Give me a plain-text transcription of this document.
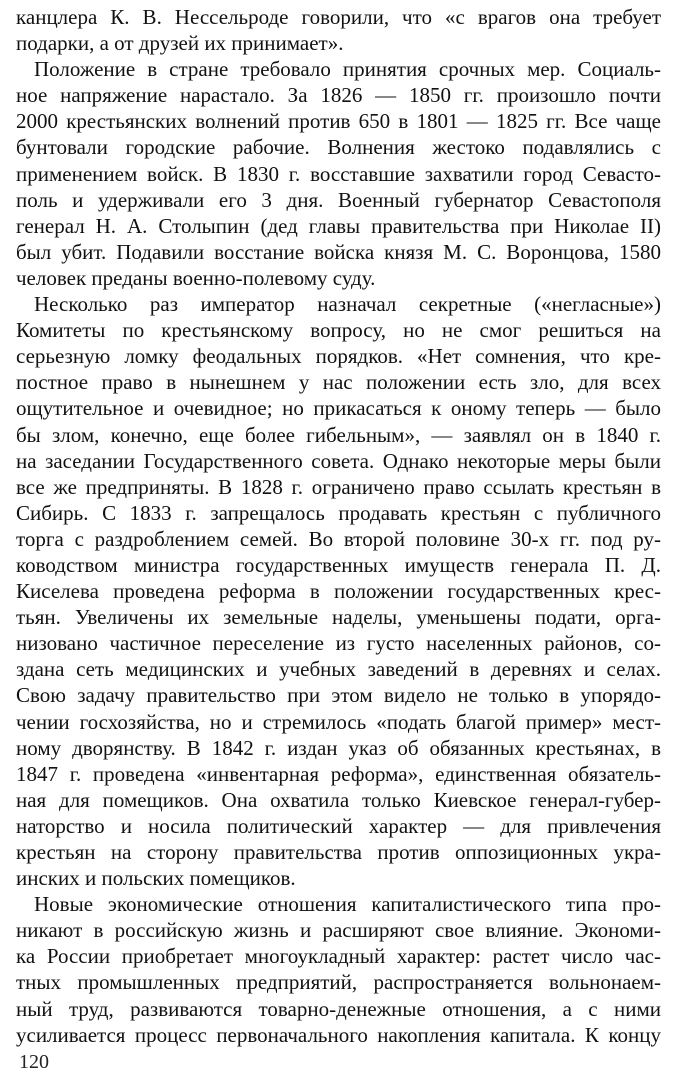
канцлера К. В. Нессельроде говорили, что «с врагов она требует
подарки, а от друзей их принимает».
Положение в стране требовало принятия срочных мер. Социаль-
ное напряжение нарастало. За 1826 — 1850 гг. произошло почти
2000 крестьянских волнений против 650 в 1801 — 1825 гг. Все чаще
бунтовали городские рабочие. Волнения жестоко подавлялись с
применением войск. В 1830 г. восставшие захватили город Севасто-
поль и удерживали его 3 дня. Военный губернатор Севастополя
генерал Н. А. Столыпин (дед главы правительства при Николае II)
был убит. Подавили восстание войска князя М. С. Воронцова, 1580
человек преданы военно-полевому суду.
Несколько раз император назначал секретные («негласные»)
Комитеты по крестьянскому вопросу, но не смог решиться на
серьезную ломку феодальных порядков. «Нет сомнения, что кре-
постное право в нынешнем у нас положении есть зло, для всех
ощутительное и очевидное; но прикасаться к оному теперь — было
бы злом, конечно, еще более гибельным», — заявлял он в 1840 г.
на заседании Государственного совета. Однако некоторые меры были
все же предприняты. В 1828 г. ограничено право ссылать крестьян в
Сибирь. С 1833 г. запрещалось продавать крестьян с публичного
торга с раздроблением семей. Во второй половине 30-х гг. под ру-
ководством министра государственных имуществ генерала П. Д.
Киселева проведена реформа в положении государственных крес-
тьян. Увеличены их земельные наделы, уменьшены подати, орга-
низовано частичное переселение из густо населенных районов, со-
здана сеть медицинских и учебных заведений в деревнях и селах.
Свою задачу правительство при этом видело не только в упорядо-
чении госхозяйства, но и стремилось «подать благой пример» мест-
ному дворянству. В 1842 г. издан указ об обязанных крестьянах, в
1847 г. проведена «инвентарная реформа», единственная обязатель-
ная для помещиков. Она охватила только Киевское генерал-губер-
наторство и носила политический характер — для привлечения
крестьян на сторону правительства против оппозиционных укра-
инских и польских помещиков.
Новые экономические отношения капиталистического типа про-
никают в российскую жизнь и расширяют свое влияние. Экономи-
ка России приобретает многоукладный характер: растет число час-
тных промышленных предприятий, распространяется вольнонаем-
ный труд, развиваются товарно-денежные отношения, а с ними
усиливается процесс первоначального накопления капитала. К концу
120
